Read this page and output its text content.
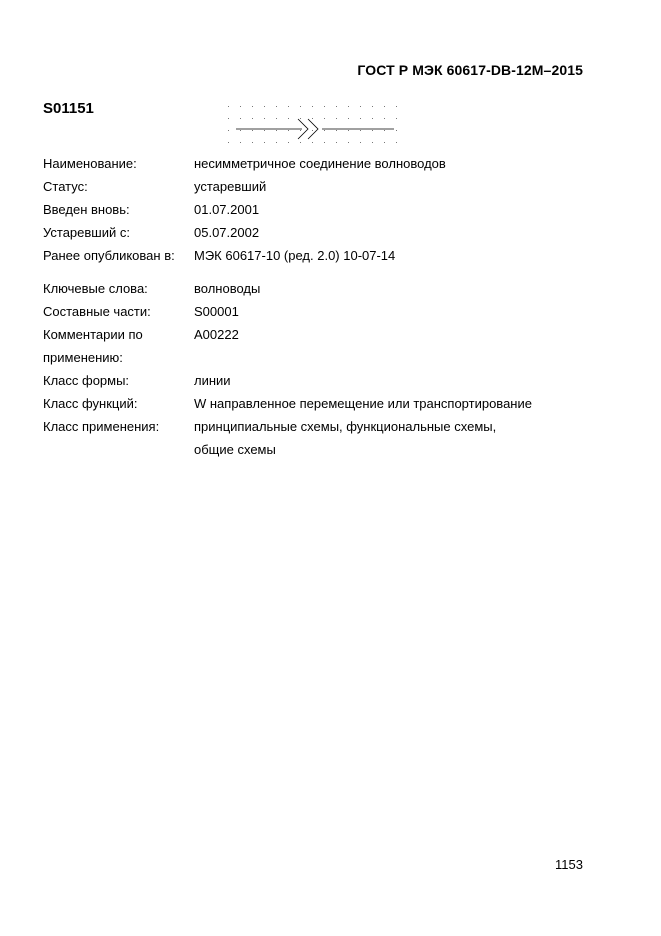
ГОСТ Р МЭК 60617-DB-12М–2015
S01151
Наименование:	несимметричное соединение волноводов
Статус:	устаревший
Введен вновь:	01.07.2001
Устаревший с:	05.07.2002
Ранее опубликован в:	МЭК 60617-10 (ред. 2.0) 10-07-14
Ключевые слова:	волноводы
Составные части:	S00001
Комментарии по	A00222
применению:
Класс формы:	линии
Класс функций:	W направленное перемещение или транспортирование
Класс применения:	принципиальные схемы, функциональные схемы,
общие схемы
1153
